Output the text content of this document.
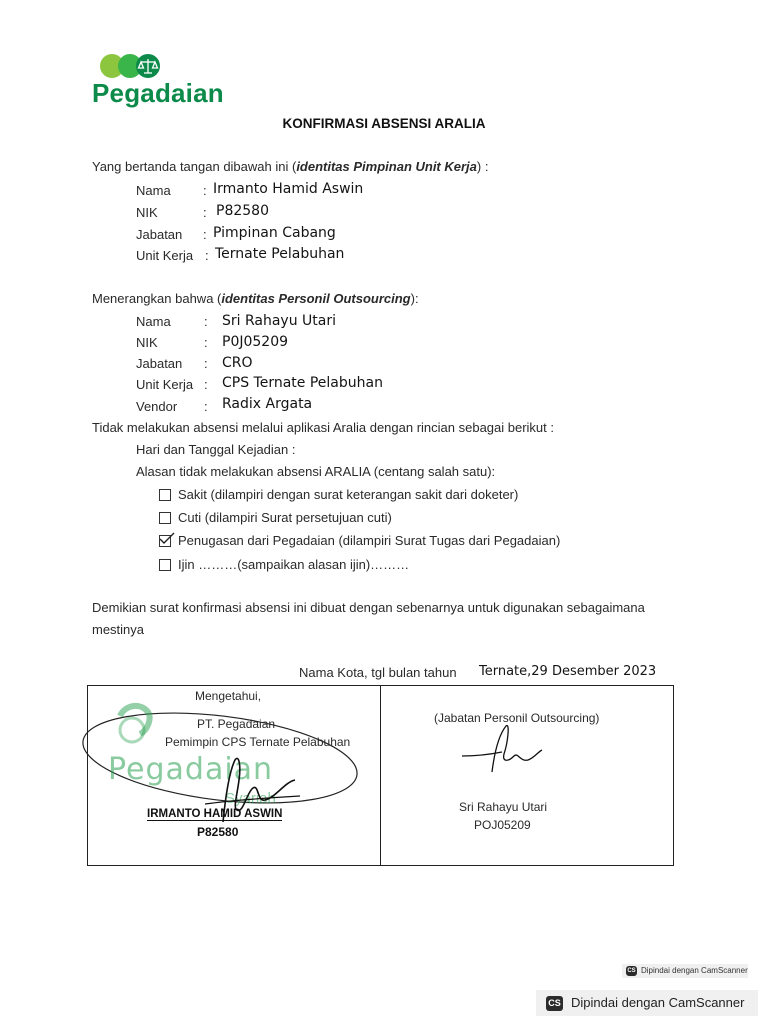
Pegadaian
KONFIRMASI ABSENSI ARALIA
Yang bertanda tangan dibawah ini (identitas Pimpinan Unit Kerja) :
Nama : Irmanto Hamid Aswin
NIK	: P82580
Jabatan : Pimpinan Cabang
Unit Kerja : Ternate Pelabuhan
Menerangkan bahwa (identitas Personil Outsourcing):
Nama	: Sri Rahayu Utari
NIK	: P0J05209
Jabatan : CRO
Unit Kerja : CPS Ternate Pelabuhan
Vendor : Radix Argata
Tidak melakukan absensi melalui aplikasi Aralia dengan rincian sebagai berikut :
Hari dan Tanggal Kejadian :
Alasan tidak melakukan absensi ARALIA (centang salah satu):
Sakit (dilampiri dengan surat keterangan sakit dari doketer)
Cuti (dilampiri Surat persetujuan cuti)
Penugasan dari Pegadaian (dilampiri Surat Tugas dari Pegadaian)
Ijin ………(sampaikan alasan ijin)………
Demikian surat konfirmasi absensi ini dibuat dengan sebenarnya untuk digunakan sebagaimana
mestinya
Nama Kota, tgl bulan tahun Ternate,29 Desember 2023
Mengetahui,
PT. Pegadaian
Pemimpin CPS Ternate Pelabuhan
Pegadaian
Syariah
IRMANTO HAMID ASWIN
P82580
(Jabatan Personil Outsourcing)
Sri Rahayu Utari
POJ05209
CS Dipindai dengan CamScanner
CS Dipindai dengan CamScanner
